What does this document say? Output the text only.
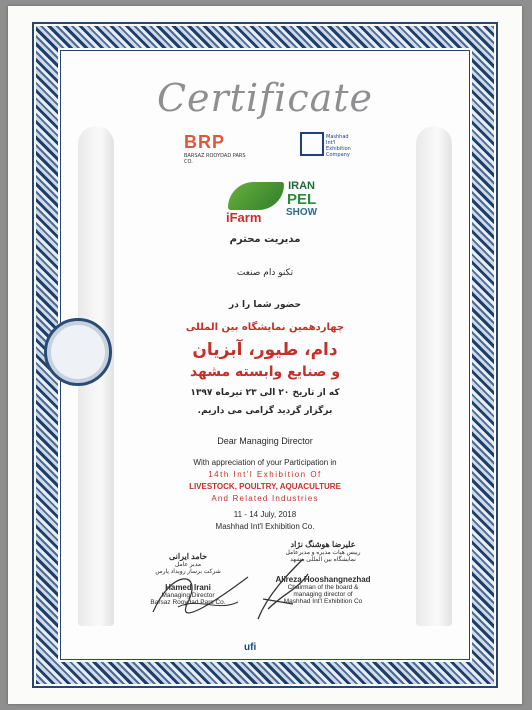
Certificate
BRP
BARSAZ ROOYDAD PARS CO.
Mashhad
Int'l
Exhibition
Company
iFarm
IRAN
PEL
SHOW
مدیریت محترم
تکنو دام صنعت
حضور شما را در
چهاردهمین نمایشگاه بین المللی
دام، طیور، آبزیان
و صنایع وابسته مشهد
که از تاریخ ۲۰ الی ۲۳ تیرماه ۱۳۹۷
برگزار گردید گرامی می داریم.
Dear Managing Director
With appreciation of your Participation in
14th Int'l Exhibition Of
LIVESTOCK, POULTRY, AQUACULTURE
And Related Industries
11 - 14 July, 2018
Mashhad Int'l Exhibition Co.
علیرضا هوشنگ نژاد
رییس هیات مدیره و مدیرعامل
نمایشگاه بین المللی مشهد
Alireza Hooshangnezhad
Chairman of the board &
managing director of
Mashhad Int'l Exhibition Co
حامد ایرانی
مدیر عامل
شرکت برساز رویداد پارس
Hamed Irani
Managing Director
Barsaz Rooydad Pars Co.
ufi
